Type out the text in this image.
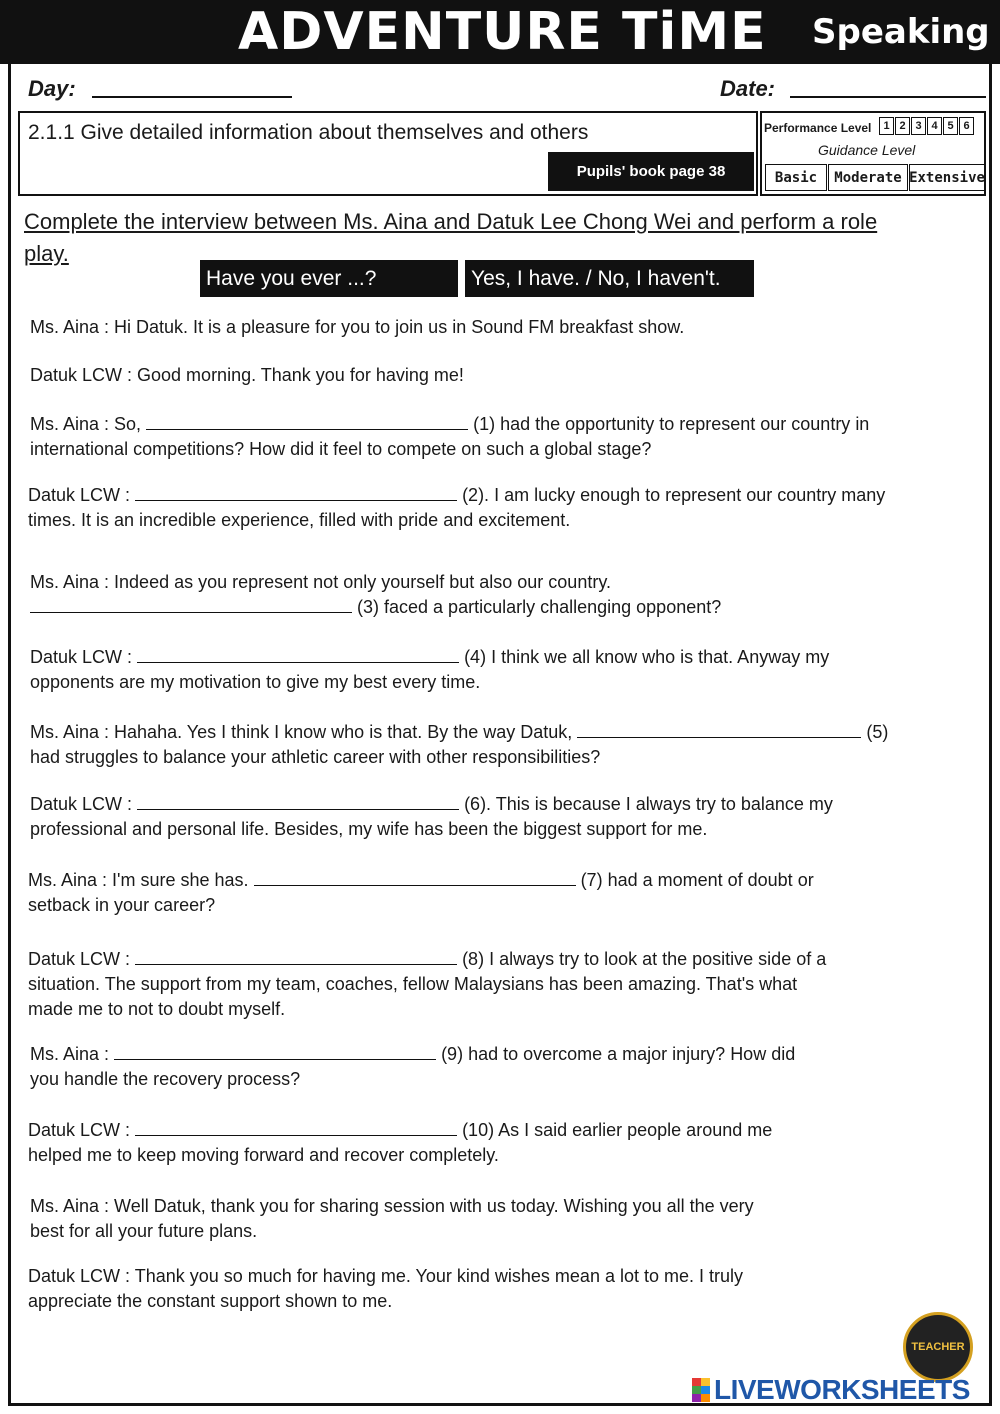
ADVENTURE TiME Speaking
Day:	Date:
2.1.1 Give detailed information about themselves and others
Pupils' book page 38
Performance Level	1 2 3 4 5 6
Guidance Level
Basic	Moderate Extensive
Complete the interview between Ms. Aina and Datuk Lee Chong Wei and perform a role play.
Have you ever ...?	Yes, I have. / No, I haven't.
Ms. Aina : Hi Datuk. It is a pleasure for you to join us in Sound FM breakfast show.
Datuk LCW : Good morning. Thank you for having me!
Ms. Aina : So,	(1) had the opportunity to represent our country in
international competitions? How did it feel to compete on such a global stage?
Datuk LCW :	(2). I am lucky enough to represent our country many
times. It is an incredible experience, filled with pride and excitement.
Ms. Aina : Indeed as you represent not only yourself but also our country.
(3) faced a particularly challenging opponent?
Datuk LCW :	(4) I think we all know who is that. Anyway my
opponents are my motivation to give my best every time.
Ms. Aina : Hahaha. Yes I think I know who is that. By the way Datuk,	(5)
had struggles to balance your athletic career with other responsibilities?
Datuk LCW :	(6). This is because I always try to balance my
professional and personal life. Besides, my wife has been the biggest support for me.
Ms. Aina : I'm sure she has.	(7) had a moment of doubt or
setback in your career?
Datuk LCW :	(8) I always try to look at the positive side of a
situation. The support from my team, coaches, fellow Malaysians has been amazing. That's what
made me to not to doubt myself.
Ms. Aina :	(9) had to overcome a major injury? How did
you handle the recovery process?
Datuk LCW :	(10) As I said earlier people around me
helped me to keep moving forward and recover completely.
Ms. Aina : Well Datuk, thank you for sharing session with us today. Wishing you all the very
best for all your future plans.
Datuk LCW : Thank you so much for having me. Your kind wishes mean a lot to me. I truly
appreciate the constant support shown to me.
TEACHER
LIVEWORKSHEETS
